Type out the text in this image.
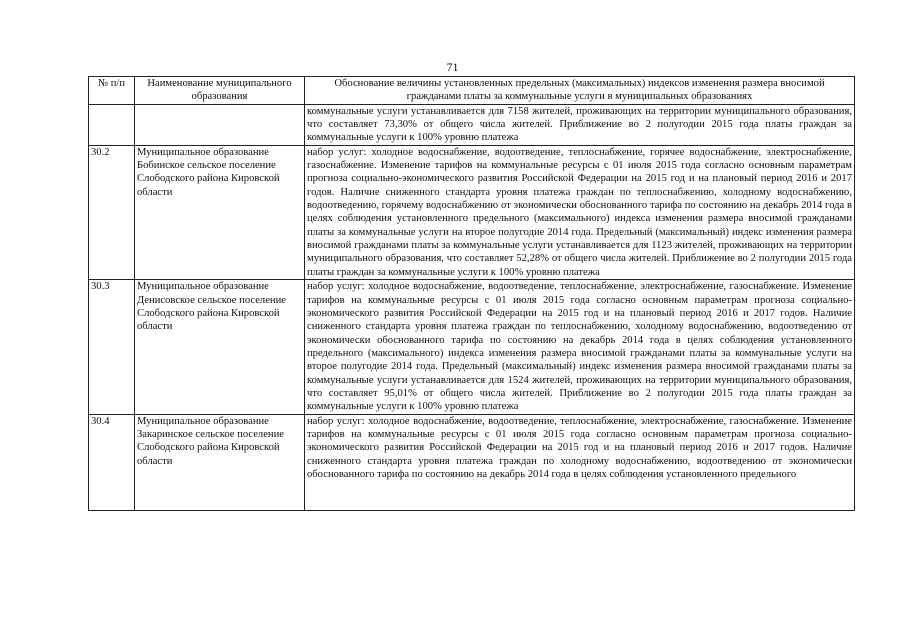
71
№ п/п	Наименование муниципального образования	Обоснование величины установленных предельных (максимальных) индексов изменения размера вносимой гражданами платы за коммунальные услуги в муниципальных образованиях
		коммунальные услуги устанавливается для 7158 жителей, проживающих на территории муниципального образования, что составляет 73,30% от общего числа жителей. Приближение во 2 полугодии 2015 года платы граждан за коммунальные услуги к 100% уровню платежа
30.2	Муниципальное образование Бобинское сельское поселение Слободского района Кировской области	набор услуг: холодное водоснабжение, водоотведение, теплоснабжение, горячее водоснабжение, электроснабжение, газоснабжение. Изменение тарифов на коммунальные ресурсы с 01 июля 2015 года согласно основным параметрам прогноза социально-экономического развития Российской Федерации на 2015 год и на плановый период 2016 и 2017 годов. Наличие сниженного стандарта уровня платежа граждан по теплоснабжению, холодному водоснабжению, водоотведению, горячему водоснабжению от экономически обоснованного тарифа по состоянию на декабрь 2014 года в целях соблюдения установленного предельного (максимального) индекса изменения размера вносимой гражданами платы за коммунальные услуги на второе полугодие 2014 года. Предельный (максимальный) индекс изменения размера вносимой гражданами платы за коммунальные услуги устанавливается для 1123 жителей, проживающих на территории муниципального образования, что составляет 52,28% от общего числа жителей. Приближение во 2 полугодии 2015 года платы граждан за коммунальные услуги к 100% уровню платежа
30.3	Муниципальное образование Денисовское сельское поселение Слободского района Кировской области	набор услуг: холодное водоснабжение, водоотведение, теплоснабжение, электроснабжение, газоснабжение. Изменение тарифов на коммунальные ресурсы с 01 июля 2015 года согласно основным параметрам прогноза социально-экономического развития Российской Федерации на 2015 год и на плановый период 2016 и 2017 годов. Наличие сниженного стандарта уровня платежа граждан по теплоснабжению, холодному водоснабжению, водоотведению от экономически обоснованного тарифа по состоянию на декабрь 2014 года в целях соблюдения установленного предельного (максимального) индекса изменения размера вносимой гражданами платы за коммунальные услуги на второе полугодие 2014 года. Предельный (максимальный) индекс изменения размера вносимой гражданами платы за коммунальные услуги устанавливается для 1524 жителей, проживающих на территории муниципального образования, что составляет 95,01% от общего числа жителей. Приближение во 2 полугодии 2015 года платы граждан за коммунальные услуги к 100% уровню платежа
30.4	Муниципальное образование Закаринское сельское поселение Слободского района Кировской области	набор услуг: холодное водоснабжение, водоотведение, теплоснабжение, электроснабжение, газоснабжение. Изменение тарифов на коммунальные ресурсы с 01 июля 2015 года согласно основным параметрам прогноза социально-экономического развития Российской Федерации на 2015 год и на плановый период 2016 и 2017 годов. Наличие сниженного стандарта уровня платежа граждан по холодному водоснабжению, водоотведению от экономически обоснованного тарифа по состоянию на декабрь 2014 года в целях соблюдения установленного предельного
